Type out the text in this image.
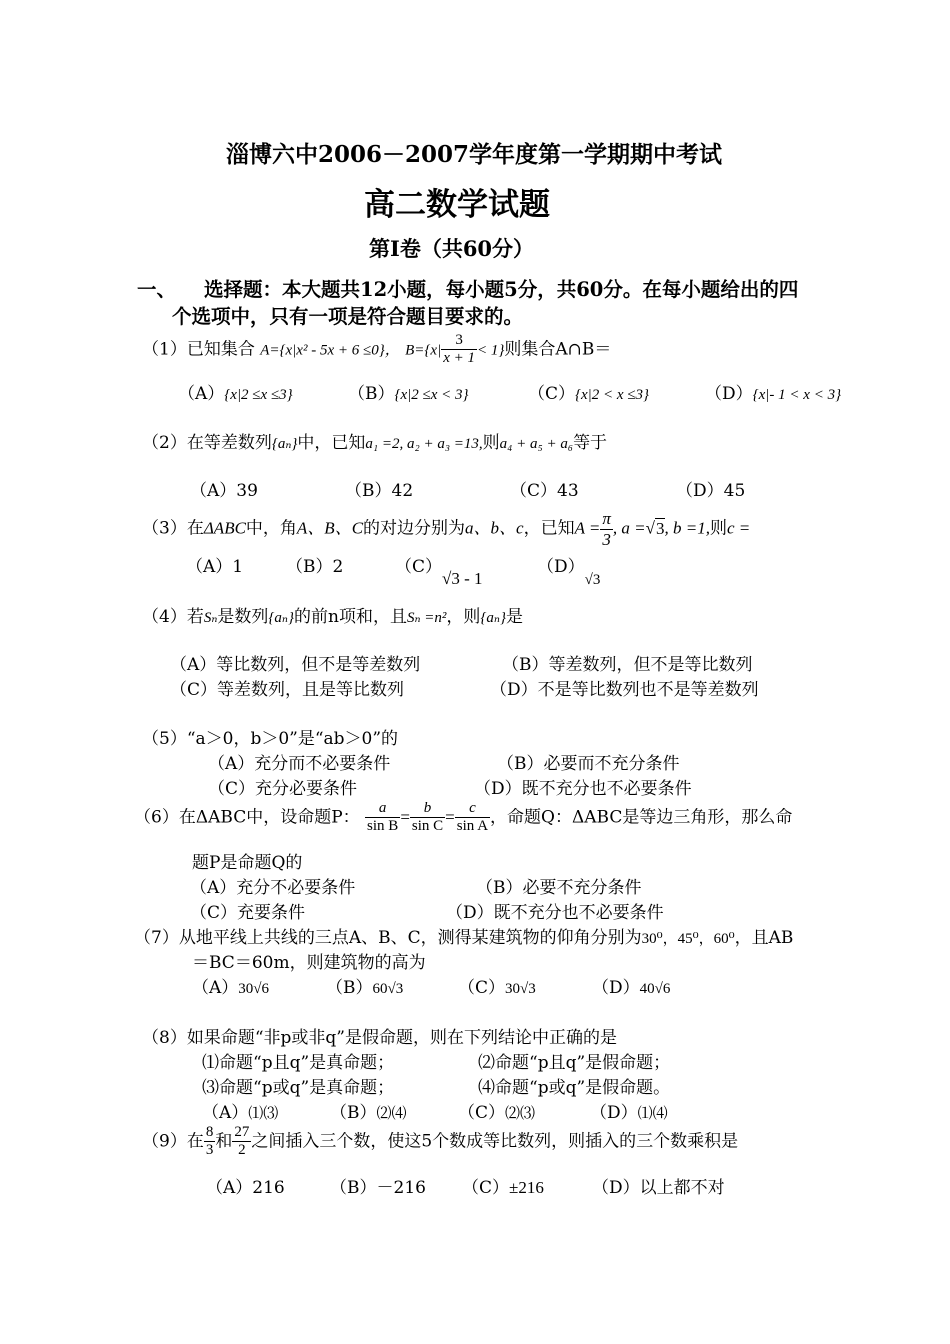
淄博六中2006－2007学年度第一学期期中考试
高二数学试题
第I卷（共60分）
一、 选择题：本大题共12小题，每小题5分，共60分。在每小题给出的四
个选项中，只有一项是符合题目要求的。
（1）已知集合 A={x|x² - 5x + 6 ≤0}， $B=\{x| \frac{3}{x + 1} < 1\}$则集合A∩B＝
（A）{x|2 ≤x ≤3}	（B）{x|2 ≤x < 3}	（C）{x|2 < x ≤3}	（D）{x|- 1 < x < 3}
（2）在等差数列{aₙ}中，已知a₁ =2, a₂ + a₃ =13,则a₄ + a₅ + a₆等于
（A）39	（B）42	（C）43	（D）45
（3）在ΔABC中，角A、B、C的对边分别为a、b、c，已知$A = \frac{\pi}{3}$ , a =√3, b =1,则c =
（A）1	（B）2	（C）√3 - 1
（D）√3
（4）若Sₙ是数列{aₙ}的前n项和，且Sₙ =n²，则{aₙ}是
（A）等比数列，但不是等差数列	（B）等差数列，但不是等比数列
（C）等差数列，且是等比数列	（D）不是等比数列也不是等差数列
（5）“a＞0，b＞0”是“ab＞0”的
（A）充分而不必要条件	（B）必要而不充分条件
（C）充分必要条件	（D）既不充分也不必要条件
（6）在ΔABC中，设命题P： $\frac{a}{\text{sin B}} = \frac{b}{\text{sin C}} = \frac{c}{\text{sin A}}$ ，命题Q：ΔABC是等边三角形，那么命
题P是命题Q的
（A）充分不必要条件	（B）必要不充分条件
（C）充要条件	（D）既不充分也不必要条件
（7）从地平线上共线的三点A、B、C，测得某建筑物的仰角分别为30⁰，45⁰，60⁰，且AB
＝BC＝60m，则建筑物的高为
（A）30√6	（B）60√3	（C）30√3	（D）40√6
（8）如果命题“非p或非q”是假命题，则在下列结论中正确的是
⑴命题“p且q”是真命题；	⑵命题“p且q”是假命题；
⑶命题“p或q”是真命题；	⑷命题“p或q”是假命题。
（A）⑴⑶	（B）⑵⑷	（C）⑵⑶	（D）⑴⑷
（9）在 $\frac{8}{3}$ 和 $\frac{27}{2}$ 之间插入三个数，使这5个数成等比数列，则插入的三个数乘积是
（A）216	（B）－216 （C）±216	（D）以上都不对
